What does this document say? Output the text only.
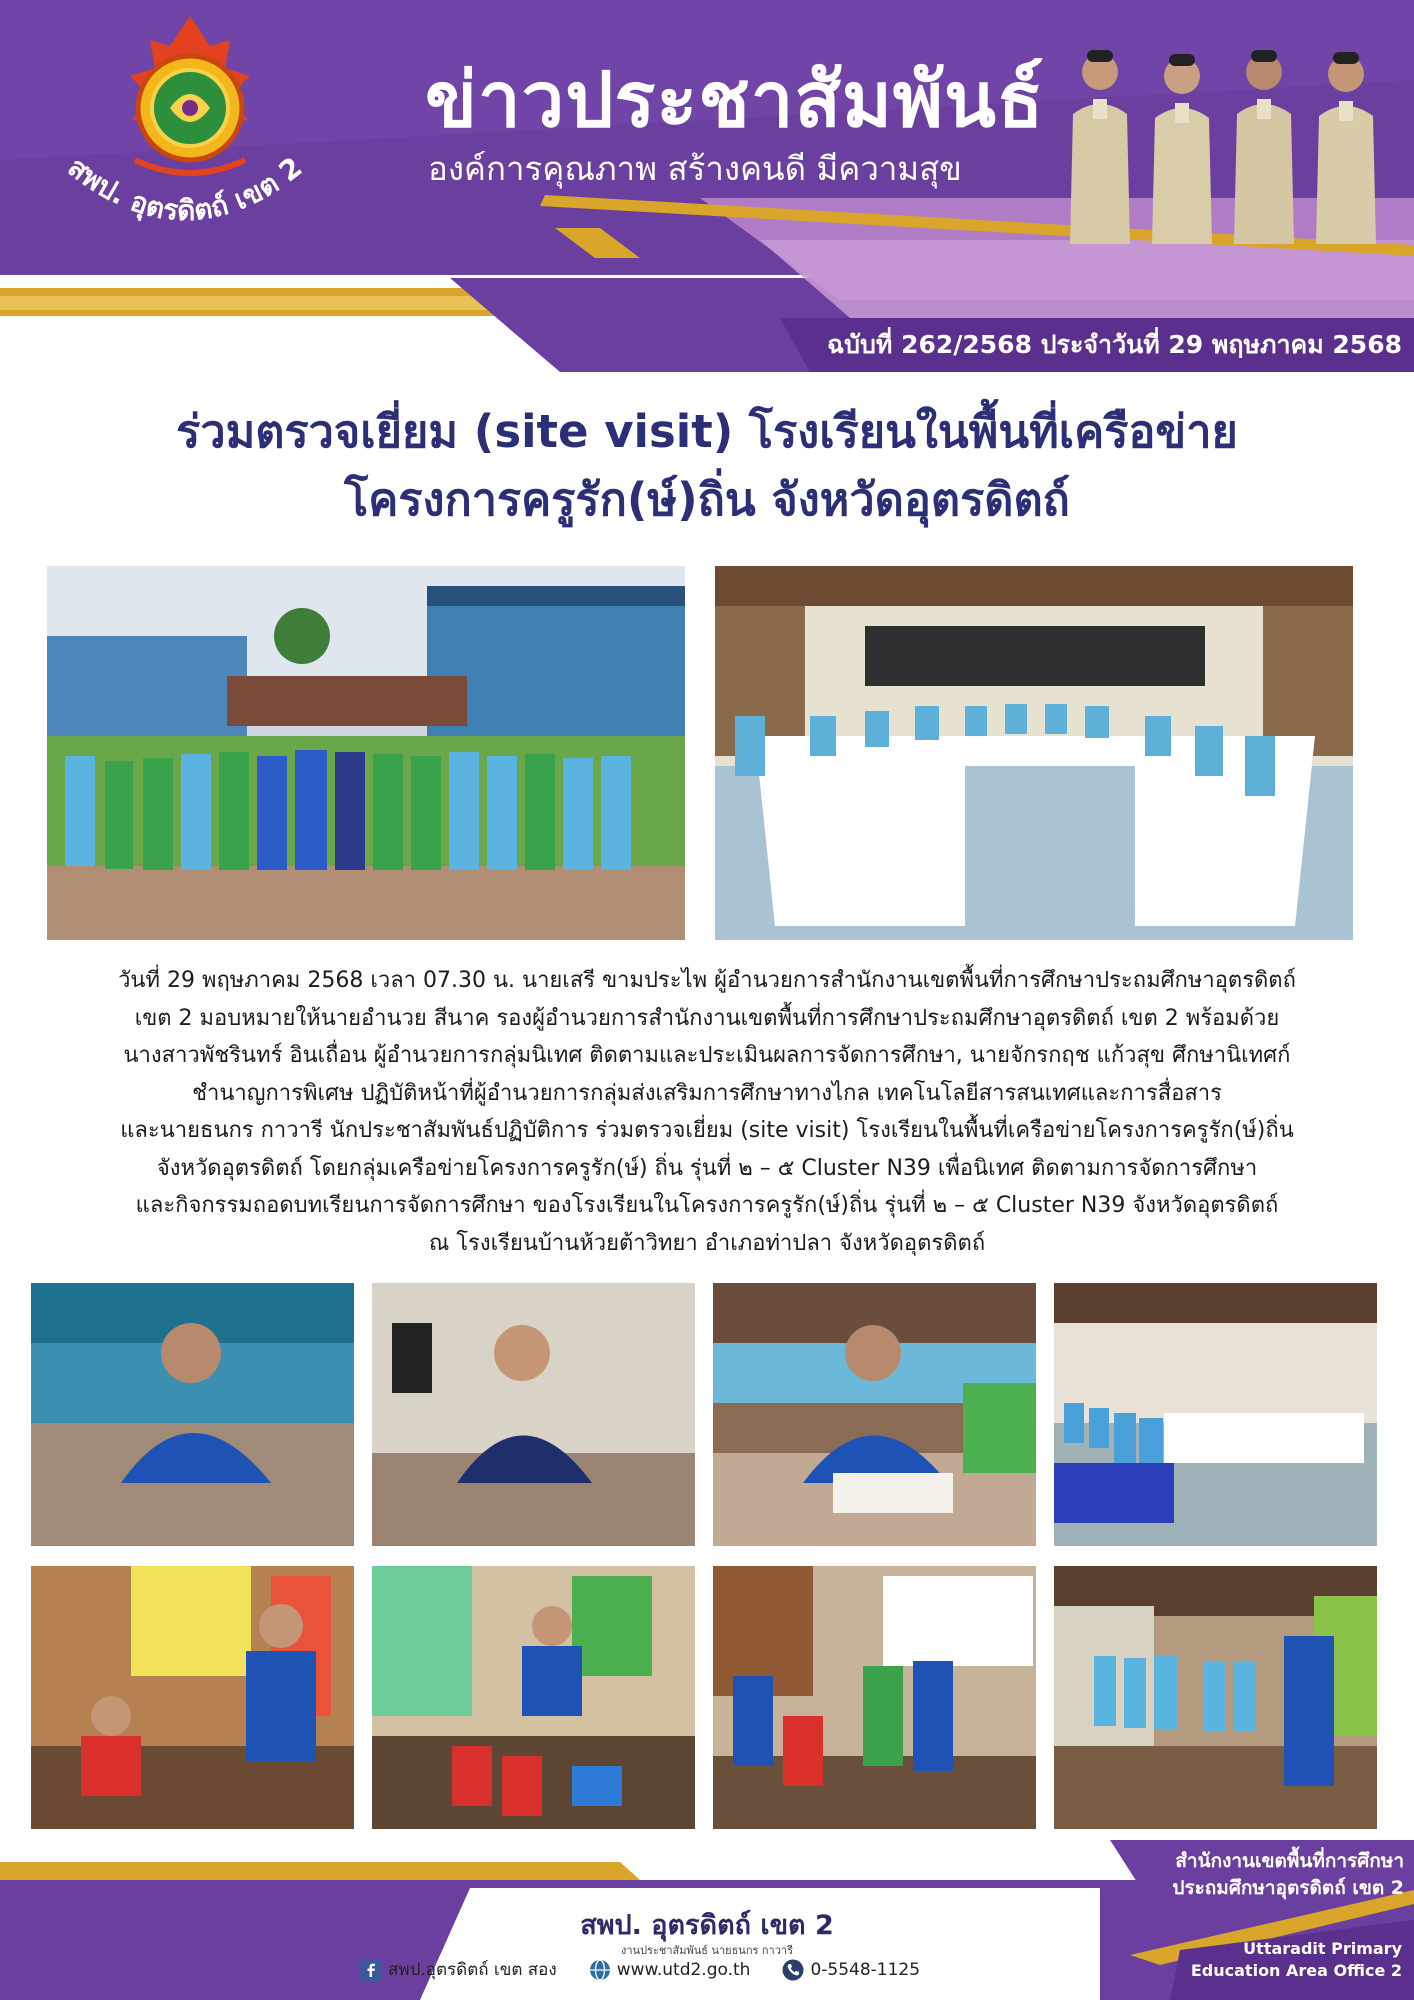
สพป. อุตรดิตถ์ เขต 2
ข่าวประชาสัมพันธ์
องค์การคุณภาพ สร้างคนดี มีความสุข
ฉบับที่ 262/2568 ประจำวันที่ 29 พฤษภาคม 2568
ร่วมตรวจเยี่ยม (site visit) โรงเรียนในพื้นที่เครือข่าย
โครงการครูรัก(ษ์)ถิ่น จังหวัดอุตรดิตถ์
วันที่ 29 พฤษภาคม 2568 เวลา 07.30 น. นายเสรี ขามประไพ ผู้อำนวยการสำนักงานเขตพื้นที่การศึกษาประถมศึกษาอุตรดิตถ์
เขต 2 มอบหมายให้นายอำนวย สีนาค รองผู้อำนวยการสำนักงานเขตพื้นที่การศึกษาประถมศึกษาอุตรดิตถ์ เขต 2 พร้อมด้วย
นางสาวพัชรินทร์ อินเถื่อน ผู้อำนวยการกลุ่มนิเทศ ติดตามและประเมินผลการจัดการศึกษา, นายจักรกฤช แก้วสุข ศึกษานิเทศก์
ชำนาญการพิเศษ ปฏิบัติหน้าที่ผู้อำนวยการกลุ่มส่งเสริมการศึกษาทางไกล เทคโนโลยีสารสนเทศและการสื่อสาร
และนายธนกร กาวารี นักประชาสัมพันธ์ปฏิบัติการ ร่วมตรวจเยี่ยม (site visit) โรงเรียนในพื้นที่เครือข่ายโครงการครูรัก(ษ์)ถิ่น
จังหวัดอุตรดิตถ์ โดยกลุ่มเครือข่ายโครงการครูรัก(ษ์) ถิ่น รุ่นที่ ๒ – ๕ Cluster N39 เพื่อนิเทศ ติดตามการจัดการศึกษา
และกิจกรรมถอดบทเรียนการจัดการศึกษา ของโรงเรียนในโครงการครูรัก(ษ์)ถิ่น รุ่นที่ ๒ – ๕ Cluster N39 จังหวัดอุตรดิตถ์
ณ โรงเรียนบ้านห้วยต้าวิทยา อำเภอท่าปลา จังหวัดอุตรดิตถ์
สำนักงานเขตพื้นที่การศึกษา
ประถมศึกษาอุตรดิตถ์ เขต 2
สพป. อุตรดิตถ์ เขต 2
งานประชาสัมพันธ์ นายธนกร กาวารี
สพป.อุตรดิตถ์ เขต สอง	www.utd2.go.th	0-5548-1125
Uttaradit Primary
Education Area Office 2
